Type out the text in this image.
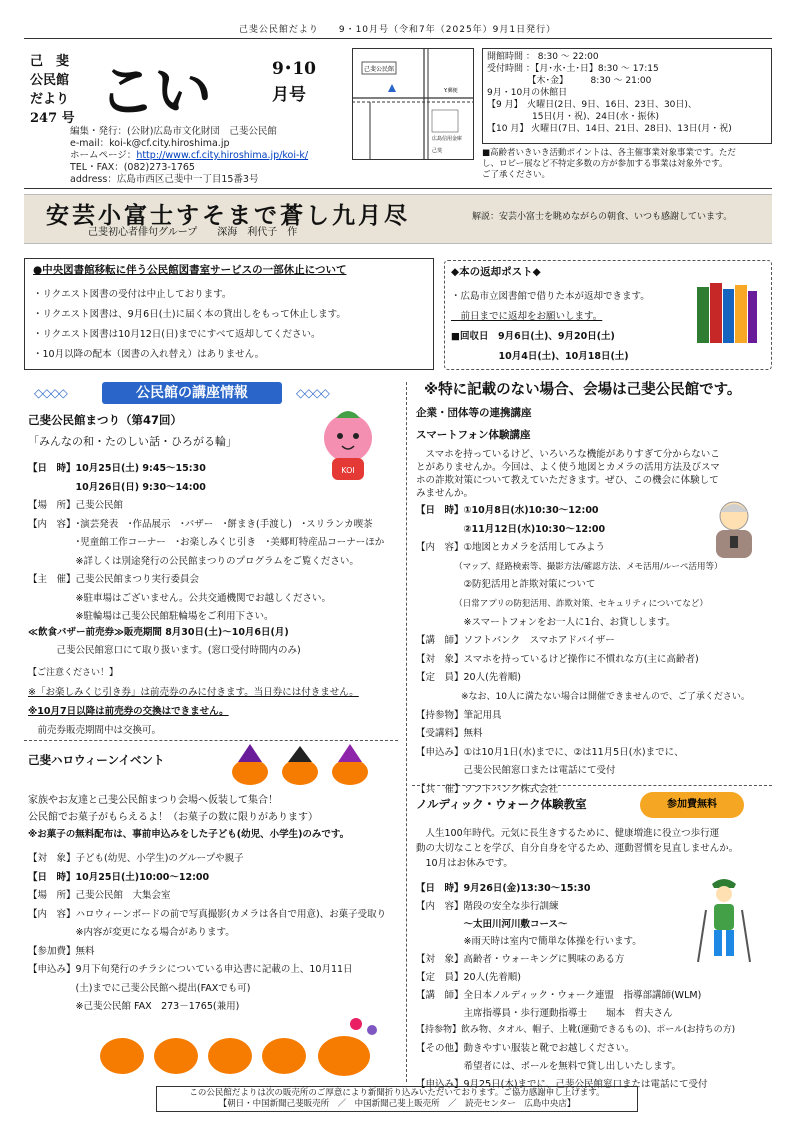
己斐公民館だより　　9・10月号（令和7年（2025年）9月1日発行）
己　斐
公民館
だより
247 号 こい	9･10
月号
編集・発行：(公財)広島市文化財団　己斐公民館
e-mail：koi-k@cf.city.hiroshima.jp
ホームページ：http://www.cf.city.hiroshima.jp/koi-k/
TEL・FAX：(082)273-1765
address：広島市西区己斐中一丁目15番3号
己斐公民館
Y.郵便
広島信用金庫
己斐
開館時間 ： 8:30 〜 22:00
受付時間 ：【月･水･土･日】8:30 〜 17:15
　　　　　【木･金】　　　8:30 〜 21:00
9月・10月の休館日
【9 月】　火曜日(2日、9日、16日、23日、30日)、
　　　　　15日(月・祝)、24日(水・振休)
【10 月】 火曜日(7日、14日、21日、28日)、13日(月・祝)
■高齢者いきいき活動ポイントは、各主催事業対象事業です。ただ
し、ロビー展など不特定多数の方が参加する事業は対象外です。
ご了承ください。
安芸小富士すそまで蒼し九月尽
己斐初心者俳句グループ　　深海　利代子　作
解説：安芸小富士を眺めながらの朝食、いつも感謝しています。
●中央図書館移転に伴う公民館図書室サービスの一部休止について
・リクエスト図書の受付は中止しております。
・リクエスト図書は、9月6日(土)に届く本の貸出しをもって休止します。
・リクエスト図書は10月12日(日)までにすべて返却してください。
・10月以降の配本（図書の入れ替え）はありません。
◆本の返却ポスト◆
・広島市立図書館で借りた本が返却できます。
　前日までに返却をお願いします。
■回収日　9月6日(土)、9月20日(土)
　　　　　10月4日(土)、10月18日(土)
◇◇◇◇	公民館の講座情報	◇◇◇◇
己斐公民館まつり（第47回）
「みんなの和・たのしい話・ひろがる輪」
KOI

【日　時】10月25日(土) 9:45〜15:30

　　　　　10月26日(日) 9:30〜14:00

【場　所】己斐公民館

【内　容】･演芸発表　･作品展示　･バザー　･餅まき(手渡し)　･スリランカ喫茶

　　　　　･児童館工作コーナー　･お楽しみくじ引き　･美郷町特産品コーナーほか

　　　　　※詳しくは別途発行の公民館まつりのプログラムをご覧ください。

【主　催】己斐公民館まつり実行委員会

　　　　　※駐車場はございません。公共交通機関でお越しください。

　　　　　※駐輪場は己斐公民館駐輪場をご利用下さい。

≪飲食バザー前売券≫販売期間 8月30日(土)〜10月6日(月)

　　　己斐公民館窓口にて取り扱います。(窓口受付時間内のみ)

【ご注意ください！】

※「お楽しみくじ引き券」は前売券のみに付きます。当日券には付きません。

※10月7日以降は前売券の交換はできません。

　前売券販売期間中は交換可。

己斐ハロウィーンイベント

家族やお友達と己斐公民館まつり会場へ仮装して集合！

公民館でお菓子がもらえるよ！（お菓子の数に限りがあります）

※お菓子の無料配布は、事前申込みをした子ども(幼児、小学生)のみです。

【対　象】子ども(幼児、小学生)のグループや親子

【日　時】10月25日(土)10:00〜12:00

【場　所】己斐公民館　大集会室

【内　容】ハロウィーンボードの前で写真撮影(カメラは各自で用意)、お菓子受取り

　　　　　※内容が変更になる場合があります。

【参加費】無料

【申込み】9月下旬発行のチラシについている申込書に記載の上、10月11日

　　　　　(土)までに己斐公民館へ提出(FAXでも可)

　　　　　※己斐公民館 FAX　273－1765(兼用)

※特に記載のない場合、会場は己斐公民館です。
企業・団体等の連携講座
スマートフォン体験講座

　スマホを持っているけど、いろいろな機能がありすぎて分からないこ

とがありませんか。今回は、よく使う地図とカメラの活用方法及びスマ

ホの詐欺対策について教えていただきます。ぜひ、この機会に体験して

みませんか。

【日　時】①10月8日(水)10:30〜12:00

　　　　　②11月12日(水)10:30〜12:00

【内　容】①地図とカメラを活用してみよう

　　　　　（マップ、経路検索等、撮影方法/確認方法、メモ活用/ルーペ活用等）

　　　　　②防犯活用と詐欺対策について

　　　　　（日常アプリの防犯活用、詐欺対策、セキュリティについてなど）

　　　　　※スマートフォンをお一人に1台、お貸しします。

【講　師】ソフトバンク　スマホアドバイザー

【対　象】スマホを持っているけど操作に不慣れな方(主に高齢者)

【定　員】20人(先着順)

　　　　　※なお、10人に満たない場合は開催できませんので、ご了承ください。

【持参物】筆記用具

【受講料】無料

【申込み】①は10月1日(水)までに、②は11月5日(水)までに、

　　　　　己斐公民館窓口または電話にて受付

【共　催】ソフトバンク株式会社

ノルディック・ウォーク体験教室	参加費無料

　人生100年時代。元気に長生きするために、健康増進に役立つ歩行運

動の大切なことを学び、自分自身を守るため、運動習慣を見直しませんか。

　10月はお休みです。

【日　時】9月26日(金)13:30〜15:30

【内　容】階段の安全な歩行訓練

　　　　　〜太田川河川敷コース〜

　　　　　※雨天時は室内で簡単な体操を行います。

【対　象】高齢者・ウォーキングに興味のある方

【定　員】20人(先着順)

【講　師】全日本ノルディック・ウォーク連盟　指導部講師(WLM)

　　　　　主席指導員・歩行運動指導士　　堀本　哲夫さん

【持参物】飲み物、タオル、帽子、上靴(運動できるもの)、ポール(お持ちの方)

【その他】動きやすい服装と靴でお越しください。

　　　　　希望者には、ポールを無料で貸し出しいたします。

【申込み】9月25日(木)までに、己斐公民館窓口または電話にて受付

この公民館だよりは次の販売所のご厚意により新聞折り込みいただいております。ご協力感謝申し上げます。
【朝日・中国新聞己斐販売所　／　中国新聞己斐上販売所　／　読売センター　広島中央店】
